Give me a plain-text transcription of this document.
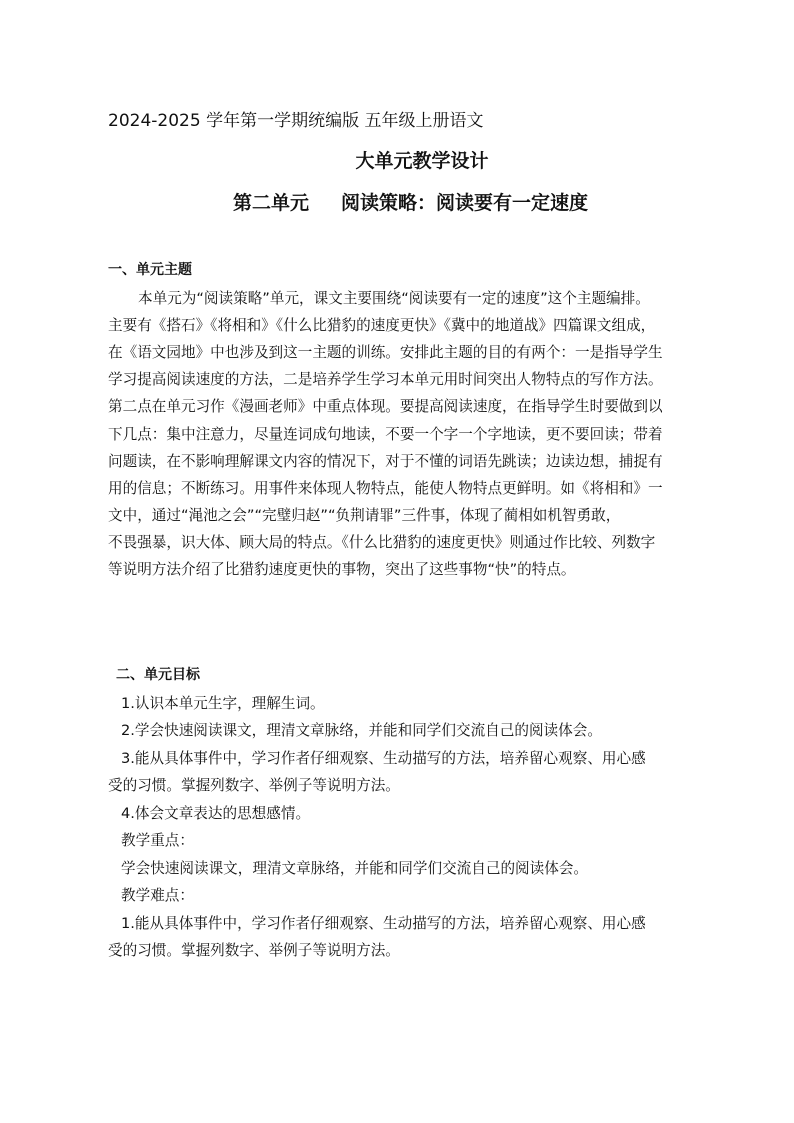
2024-2025 学年第一学期统编版 五年级上册语文
大单元教学设计
第二单元 阅读策略：阅读要有一定速度
一、单元主题
本单元为“阅读策略”单元，课文主要围绕“阅读要有一定的速度”这个主题编排。
主要有《搭石》《将相和》《什么比猎豹的速度更快》《冀中的地道战》四篇课文组成，
在《语文园地》中也涉及到这一主题的训练。安排此主题的目的有两个：一是指导学生
学习提高阅读速度的方法，二是培养学生学习本单元用时间突出人物特点的写作方法。
第二点在单元习作《漫画老师》中重点体现。要提高阅读速度，在指导学生时要做到以
下几点：集中注意力，尽量连词成句地读，不要一个字一个字地读，更不要回读；带着
问题读，在不影响理解课文内容的情况下，对于不懂的词语先跳读；边读边想，捕捉有
用的信息；不断练习。用事件来体现人物特点，能使人物特点更鲜明。如《将相和》一
文中，通过“渑池之会”“完璧归赵”“负荆请罪”三件事，体现了蔺相如机智勇敢，
不畏强暴，识大体、顾大局的特点。《什么比猎豹的速度更快》则通过作比较、列数字
等说明方法介绍了比猎豹速度更快的事物，突出了这些事物“快”的特点。
二、单元目标
1.认识本单元生字，理解生词。
2.学会快速阅读课文，理清文章脉络，并能和同学们交流自己的阅读体会。
3.能从具体事件中，学习作者仔细观察、生动描写的方法，培养留心观察、用心感
受的习惯。掌握列数字、举例子等说明方法。
4.体会文章表达的思想感情。
教学重点：
学会快速阅读课文，理清文章脉络，并能和同学们交流自己的阅读体会。
教学难点：
1.能从具体事件中，学习作者仔细观察、生动描写的方法，培养留心观察、用心感
受的习惯。掌握列数字、举例子等说明方法。
